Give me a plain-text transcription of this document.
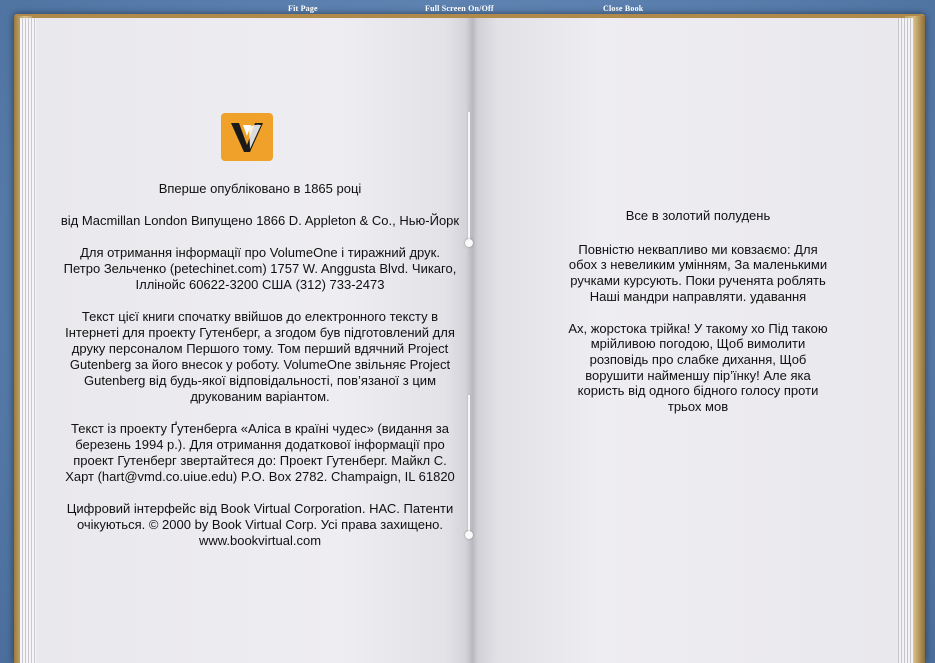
Fit Page	Full Screen On/Off	Close Book

Вперше опубліковано в 1865 році

від Macmillan London Випущено 1866 D. Appleton & Co., Нью-Йорк

Для отримання інформації про VolumeOne і тиражний друк. Петро Зельченко (petechinet.com) 1757 W. Anggusta Blvd. Чикаго, Іллінойс 60622-3200 США (312) 733-2473

Текст цієї книги спочатку ввійшов до електронного тексту в Інтернеті для проекту Гутенберг, а згодом був підготовлений для друку персоналом Першого тому. Том перший вдячний Project Gutenberg за його внесок у роботу. VolumeOne звільняє Project Gutenberg від будь-якої відповідальності, пов’язаної з цим друкованим варіантом.

Текст із проекту Ґутенберга «Аліса в країні чудес» (видання за березень 1994 р.). Для отримання додаткової інформації про проект Гутенберг звертайтеся до: Проект Гутенберг. Майкл С. Харт (hart@vmd.co.uiue.edu) P.O. Box 2782. Champaign, IL 61820

Цифровий інтерфейс від Book Virtual Corporation. НАС. Патенти очікуються. © 2000 by Book Virtual Corp. Усі права захищено. www.bookvirtual.com

Все в золотий полудень

Повністю неквапливо ми ковзаємо: Для обох з невеликим умінням, За маленькими ручками курсують. Поки рученята роблять Наші мандри направляти. удавання

Ах, жорстока трійка! У такому хо Під такою мрійливою погодою, Щоб вимолити розповідь про слабке дихання, Щоб ворушити найменшу пір’їнку! Але яка користь від одного бідного голосу проти трьох мов
